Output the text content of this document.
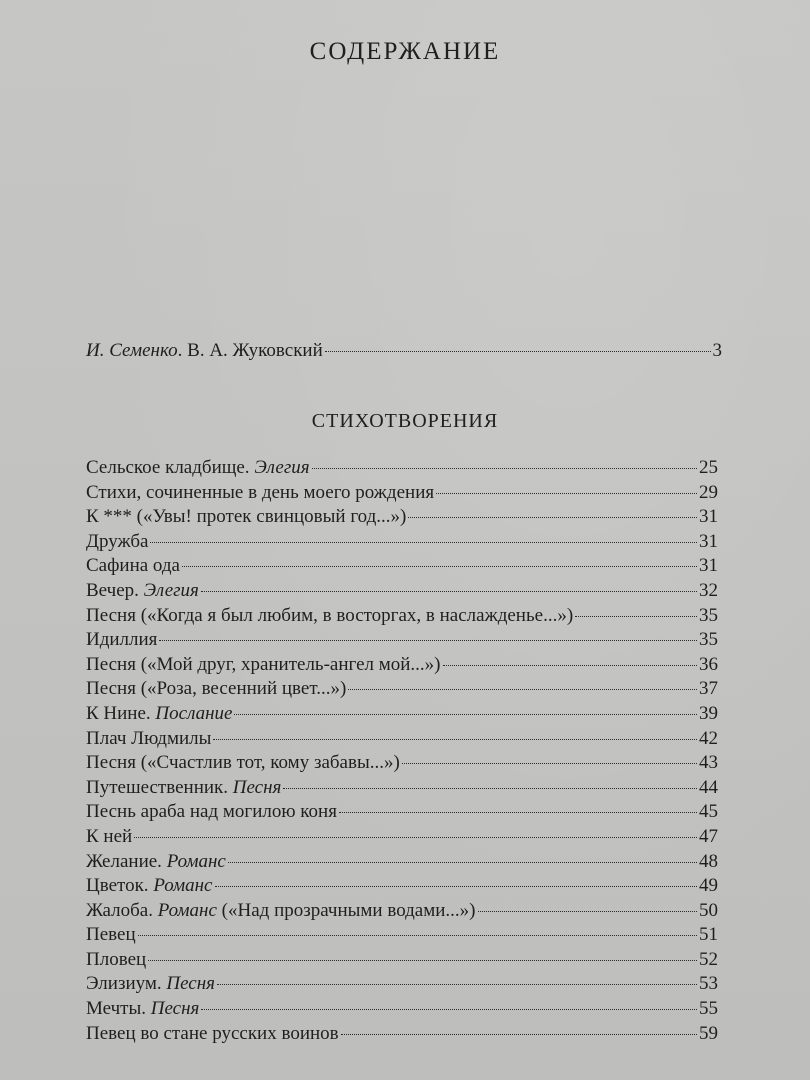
СОДЕРЖАНИЕ
И. Семенко. В. А. Жуковский	3
СТИХОТВОРЕНИЯ
Сельское кладбище. Элегия	25
Стихи, сочиненные в день моего рождения	29
К *** («Увы! протек свинцовый год...»)	31
Дружба	31
Сафина ода	31
Вечер. Элегия	32
Песня («Когда я был любим, в восторгах, в наслажденье...»)	35
Идиллия	35
Песня («Мой друг, хранитель-ангел мой...»)	36
Песня («Роза, весенний цвет...»)	37
К Нине. Послание	39
Плач Людмилы	42
Песня («Счастлив тот, кому забавы...»)	43
Путешественник. Песня	44
Песнь араба над могилою коня	45
К ней	47
Желание. Романс	48
Цветок. Романс	49
Жалоба. Романс («Над прозрачными водами...»)	50
Певец	51
Пловец	52
Элизиум. Песня	53
Мечты. Песня	55
Певец во стане русских воинов	59
